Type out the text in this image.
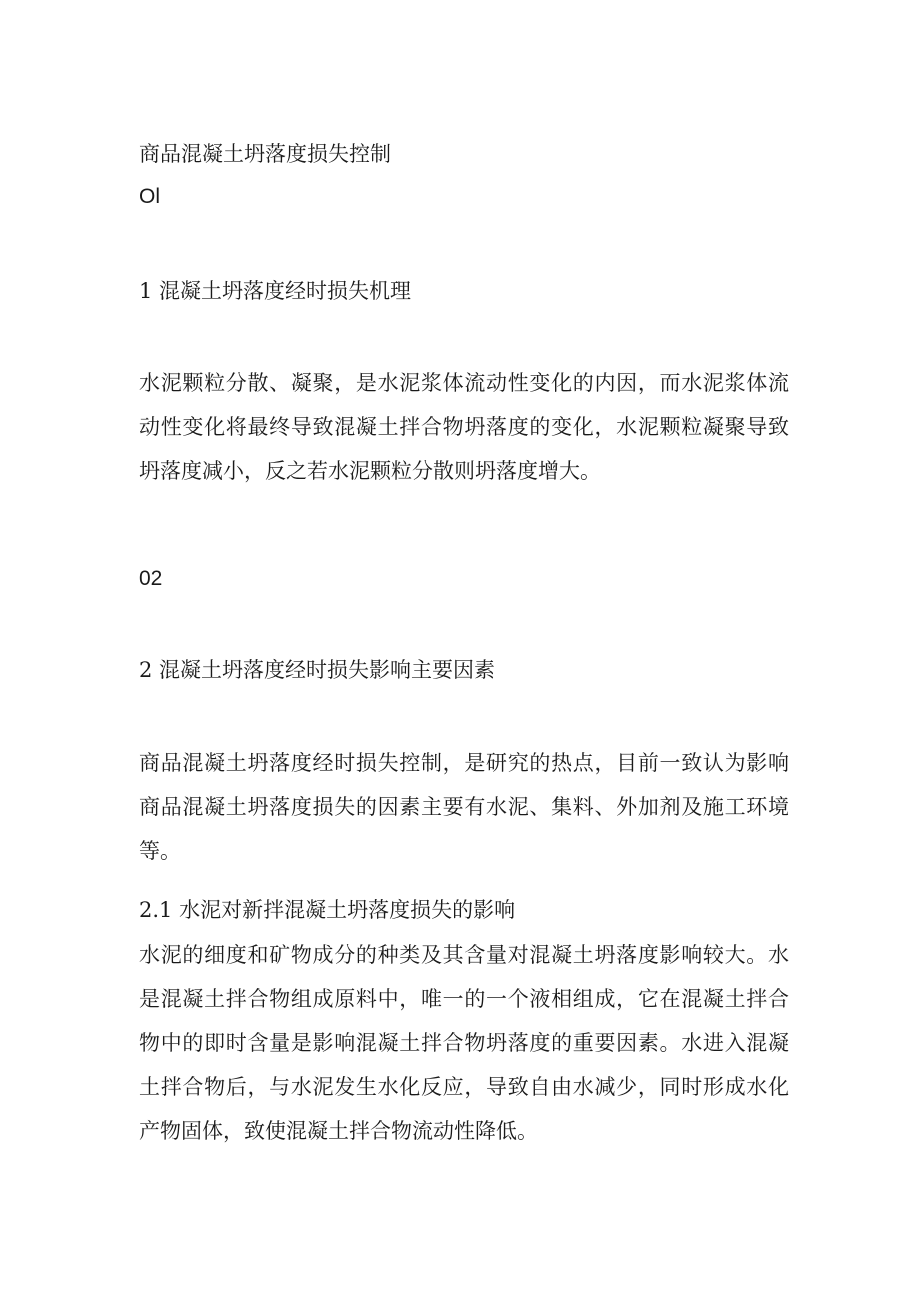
商品混凝土坍落度损失控制
Ol
1 混凝土坍落度经时损失机理
水泥颗粒分散、凝聚，是水泥浆体流动性变化的内因，而水泥浆体流动性变化将最终导致混凝土拌合物坍落度的变化，水泥颗粒凝聚导致坍落度减小，反之若水泥颗粒分散则坍落度增大。
02
2 混凝土坍落度经时损失影响主要因素
商品混凝土坍落度经时损失控制，是研究的热点，目前一致认为影响商品混凝土坍落度损失的因素主要有水泥、集料、外加剂及施工环境等。
2.1 水泥对新拌混凝土坍落度损失的影响
水泥的细度和矿物成分的种类及其含量对混凝土坍落度影响较大。水是混凝土拌合物组成原料中，唯一的一个液相组成，它在混凝土拌合物中的即时含量是影响混凝土拌合物坍落度的重要因素。水进入混凝土拌合物后，与水泥发生水化反应，导致自由水减少，同时形成水化产物固体，致使混凝土拌合物流动性降低。
